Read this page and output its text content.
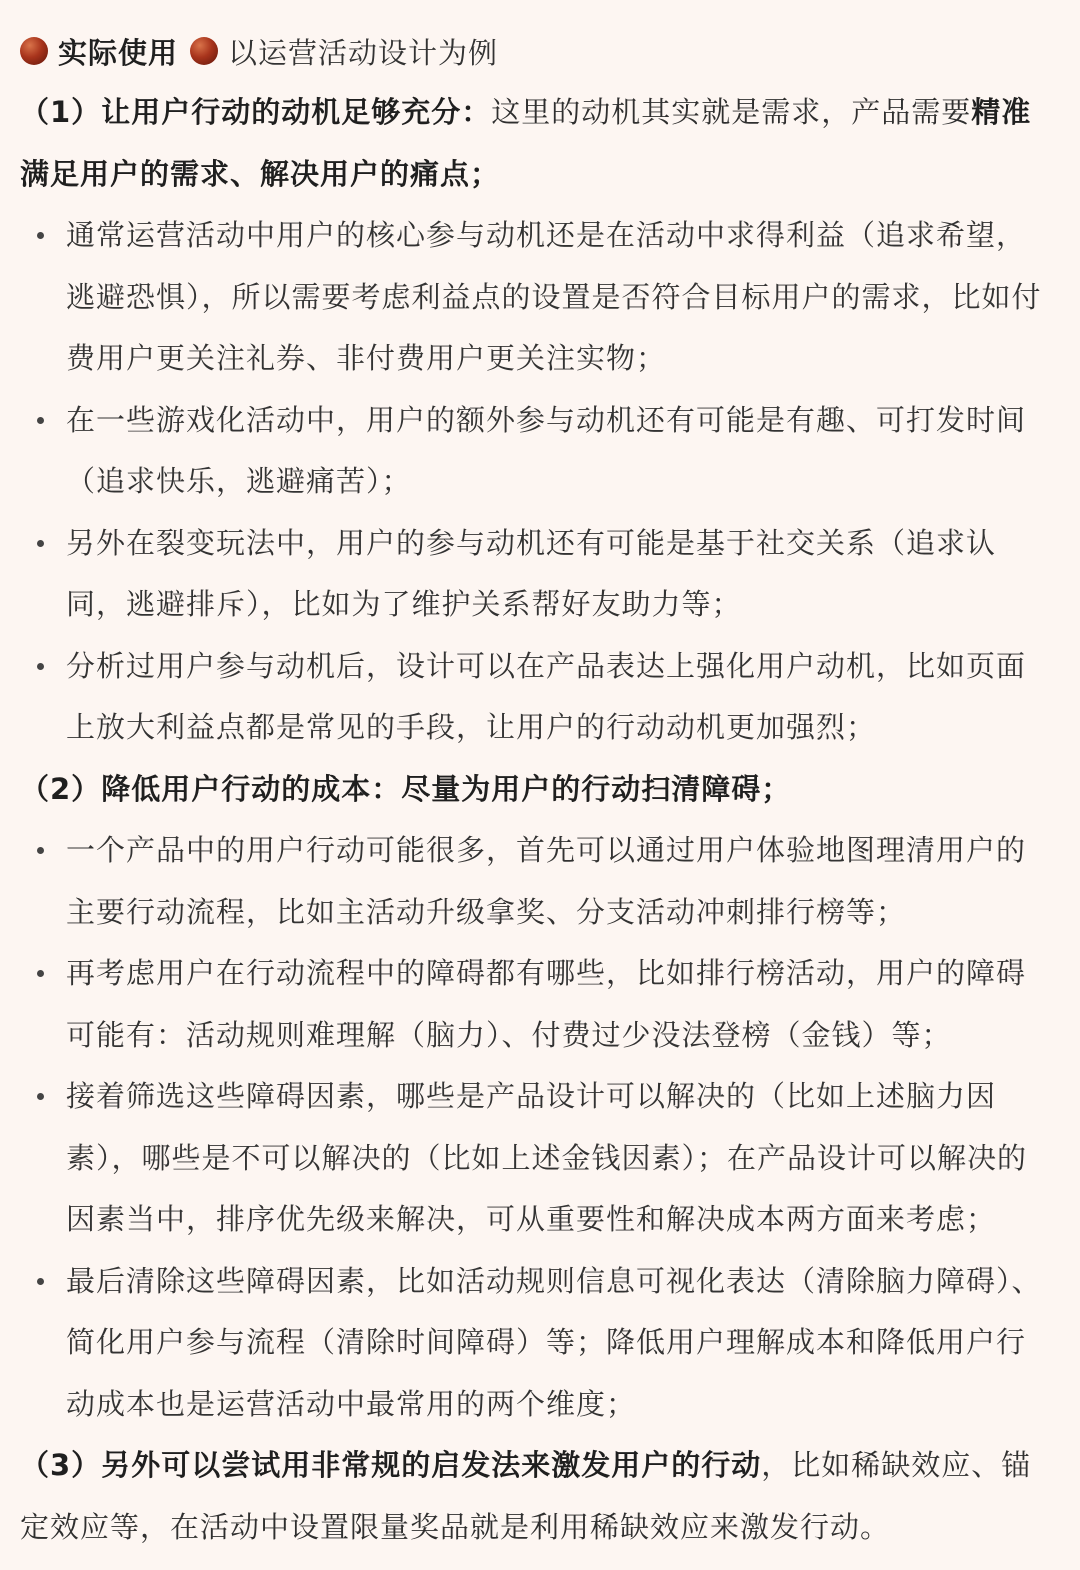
实际使用 以运营活动设计为例

（1）让用户行动的动机足够充分：这里的动机其实就是需求，产品需要精准满足用户的需求、解决用户的痛点；

通常运营活动中用户的核心参与动机还是在活动中求得利益（追求希望，逃避恐惧），所以需要考虑利益点的设置是否符合目标用户的需求，比如付费用户更关注礼券、非付费用户更关注实物；

在一些游戏化活动中，用户的额外参与动机还有可能是有趣、可打发时间（追求快乐，逃避痛苦）；

另外在裂变玩法中，用户的参与动机还有可能是基于社交关系（追求认同，逃避排斥），比如为了维护关系帮好友助力等；

分析过用户参与动机后，设计可以在产品表达上强化用户动机，比如页面上放大利益点都是常见的手段，让用户的行动动机更加强烈；

（2）降低用户行动的成本：尽量为用户的行动扫清障碍；

一个产品中的用户行动可能很多，首先可以通过用户体验地图理清用户的主要行动流程，比如主活动升级拿奖、分支活动冲刺排行榜等；

再考虑用户在行动流程中的障碍都有哪些，比如排行榜活动，用户的障碍可能有：活动规则难理解（脑力）、付费过少没法登榜（金钱）等；

接着筛选这些障碍因素，哪些是产品设计可以解决的（比如上述脑力因素），哪些是不可以解决的（比如上述金钱因素）；在产品设计可以解决的因素当中，排序优先级来解决，可从重要性和解决成本两方面来考虑；

最后清除这些障碍因素，比如活动规则信息可视化表达（清除脑力障碍）、简化用户参与流程（清除时间障碍）等；降低用户理解成本和降低用户行动成本也是运营活动中最常用的两个维度；

（3）另外可以尝试用非常规的启发法来激发用户的行动，比如稀缺效应、锚定效应等，在活动中设置限量奖品就是利用稀缺效应来激发行动。
